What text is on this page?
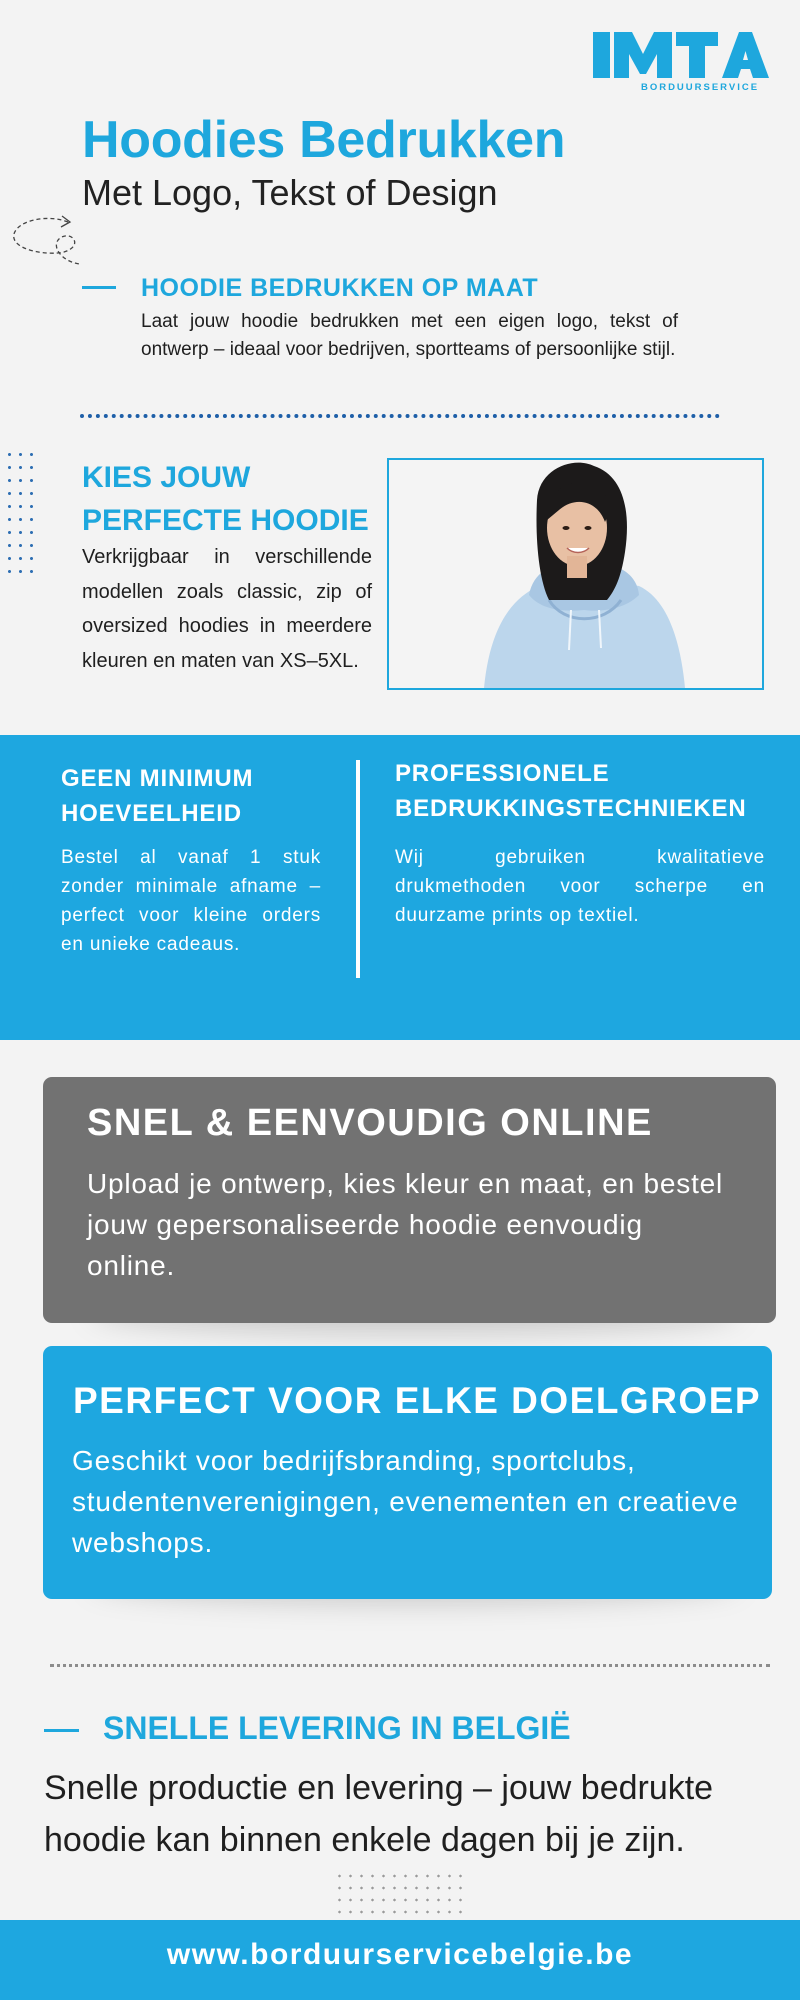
BORDUURSERVICE
Hoodies Bedrukken
Met Logo, Tekst of Design
HOODIE BEDRUKKEN OP MAAT
Laat jouw hoodie bedrukken met een eigen logo, tekst of ontwerp – ideaal voor bedrijven, sportteams of persoonlijke stijl.
KIES JOUW PERFECTE HOODIE
Verkrijgbaar in verschillende modellen zoals classic, zip of oversized hoodies in meerdere kleuren en maten van XS–5XL.
GEEN MINIMUM HOEVEELHEID
Bestel al vanaf 1 stuk zonder minimale afname – perfect voor kleine orders en unieke cadeaus.
PROFESSIONELE BEDRUKKINGSTECHNIEKEN
Wij gebruiken kwalitatieve drukmethoden voor scherpe en duurzame prints op textiel.
SNEL & EENVOUDIG ONLINE
Upload je ontwerp, kies kleur en maat, en bestel jouw gepersonaliseerde hoodie eenvoudig online.
PERFECT VOOR ELKE DOELGROEP
Geschikt voor bedrijfsbranding, sportclubs, studentenverenigingen, evenementen en creatieve webshops.
SNELLE LEVERING IN BELGIË
Snelle productie en levering – jouw bedrukte hoodie kan binnen enkele dagen bij je zijn.
www.borduurservicebelgie.be
